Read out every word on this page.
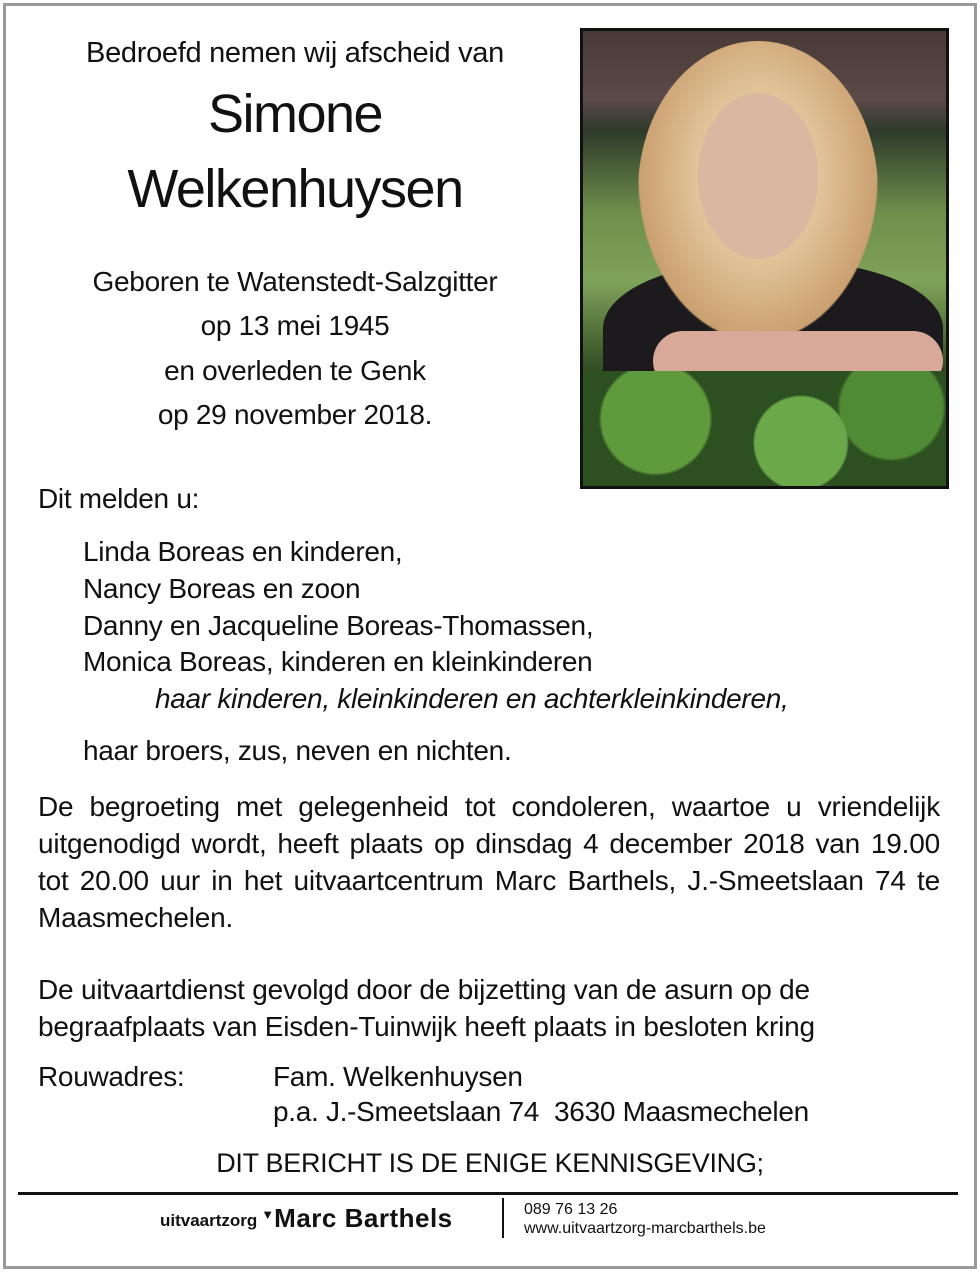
Bedroefd nemen wij afscheid van
Simone
Welkenhuysen
Geboren te Watenstedt-Salzgitter
op 13 mei 1945
en overleden te Genk
op 29 november 2018.
Dit melden u:
Linda Boreas en kinderen,
Nancy Boreas en zoon
Danny en Jacqueline Boreas-Thomassen,
Monica Boreas, kinderen en kleinkinderen
haar kinderen, kleinkinderen en achterkleinkinderen,
haar broers, zus, neven en nichten.
De begroeting met gelegenheid tot condoleren, waartoe u vriendelijk uitgenodigd wordt, heeft plaats op dinsdag 4 december 2018 van 19.00 tot 20.00 uur in het uitvaartcentrum Marc Barthels, J.-Smeetslaan 74 te Maasmechelen.
De uitvaartdienst gevolgd door de bijzetting van de asurn op de begraafplaats van Eisden-Tuinwijk heeft plaats in besloten kring
Rouwadres:	Fam. Welkenhuysen
p.a. J.-Smeetslaan 74  3630 Maasmechelen
DIT BERICHT IS DE ENIGE KENNISGEVING;
uitvaartzorg ▼ Marc Barthels	089 76 13 26
www.uitvaartzorg-marcbarthels.be
